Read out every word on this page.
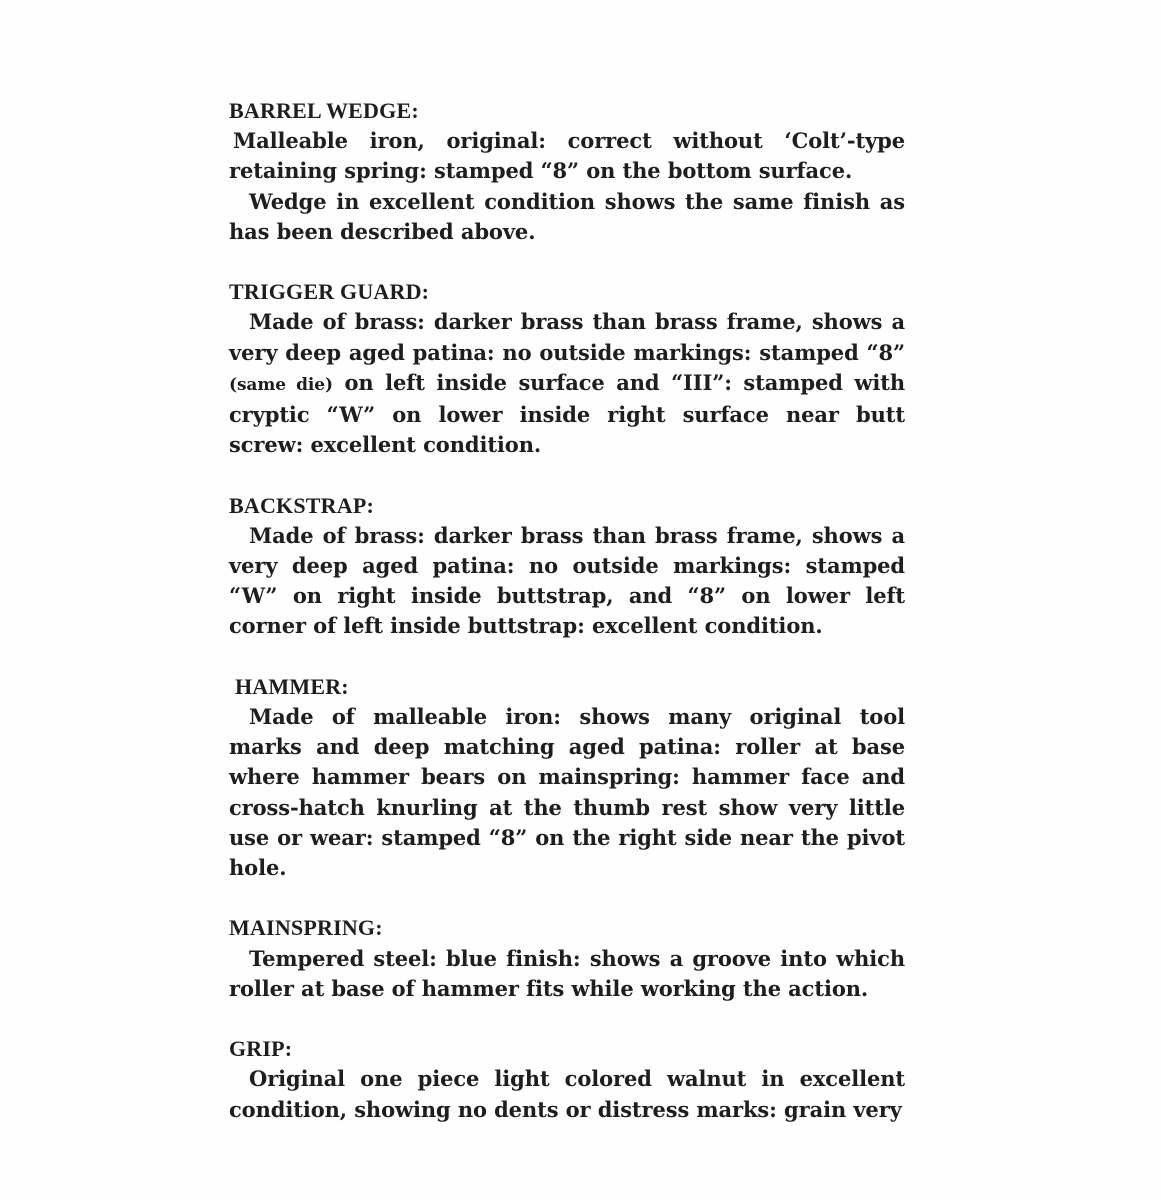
BARREL WEDGE:
Malleable iron, original: correct without ‘Colt’-type retaining spring: stamped “8” on the bottom surface.
Wedge in excellent condition shows the same finish as has been described above.
TRIGGER GUARD:
Made of brass: darker brass than brass frame, shows a very deep aged patina: no outside markings: stamped “8” (same die) on left inside surface and “III”: stamped with cryptic “W” on lower inside right surface near butt screw: excellent condition.
BACKSTRAP:
Made of brass: darker brass than brass frame, shows a very deep aged patina: no outside markings: stamped “W” on right inside buttstrap, and “8” on lower left corner of left inside buttstrap: excellent condition.
HAMMER:
Made of malleable iron: shows many original tool marks and deep matching aged patina: roller at base where hammer bears on mainspring: hammer face and cross-hatch knurling at the thumb rest show very little use or wear: stamped “8” on the right side near the pivot hole.
MAINSPRING:
Tempered steel: blue finish: shows a groove into which roller at base of hammer fits while working the action.
GRIP:
Original one piece light colored walnut in excellent condition, showing no dents or distress marks: grain very
